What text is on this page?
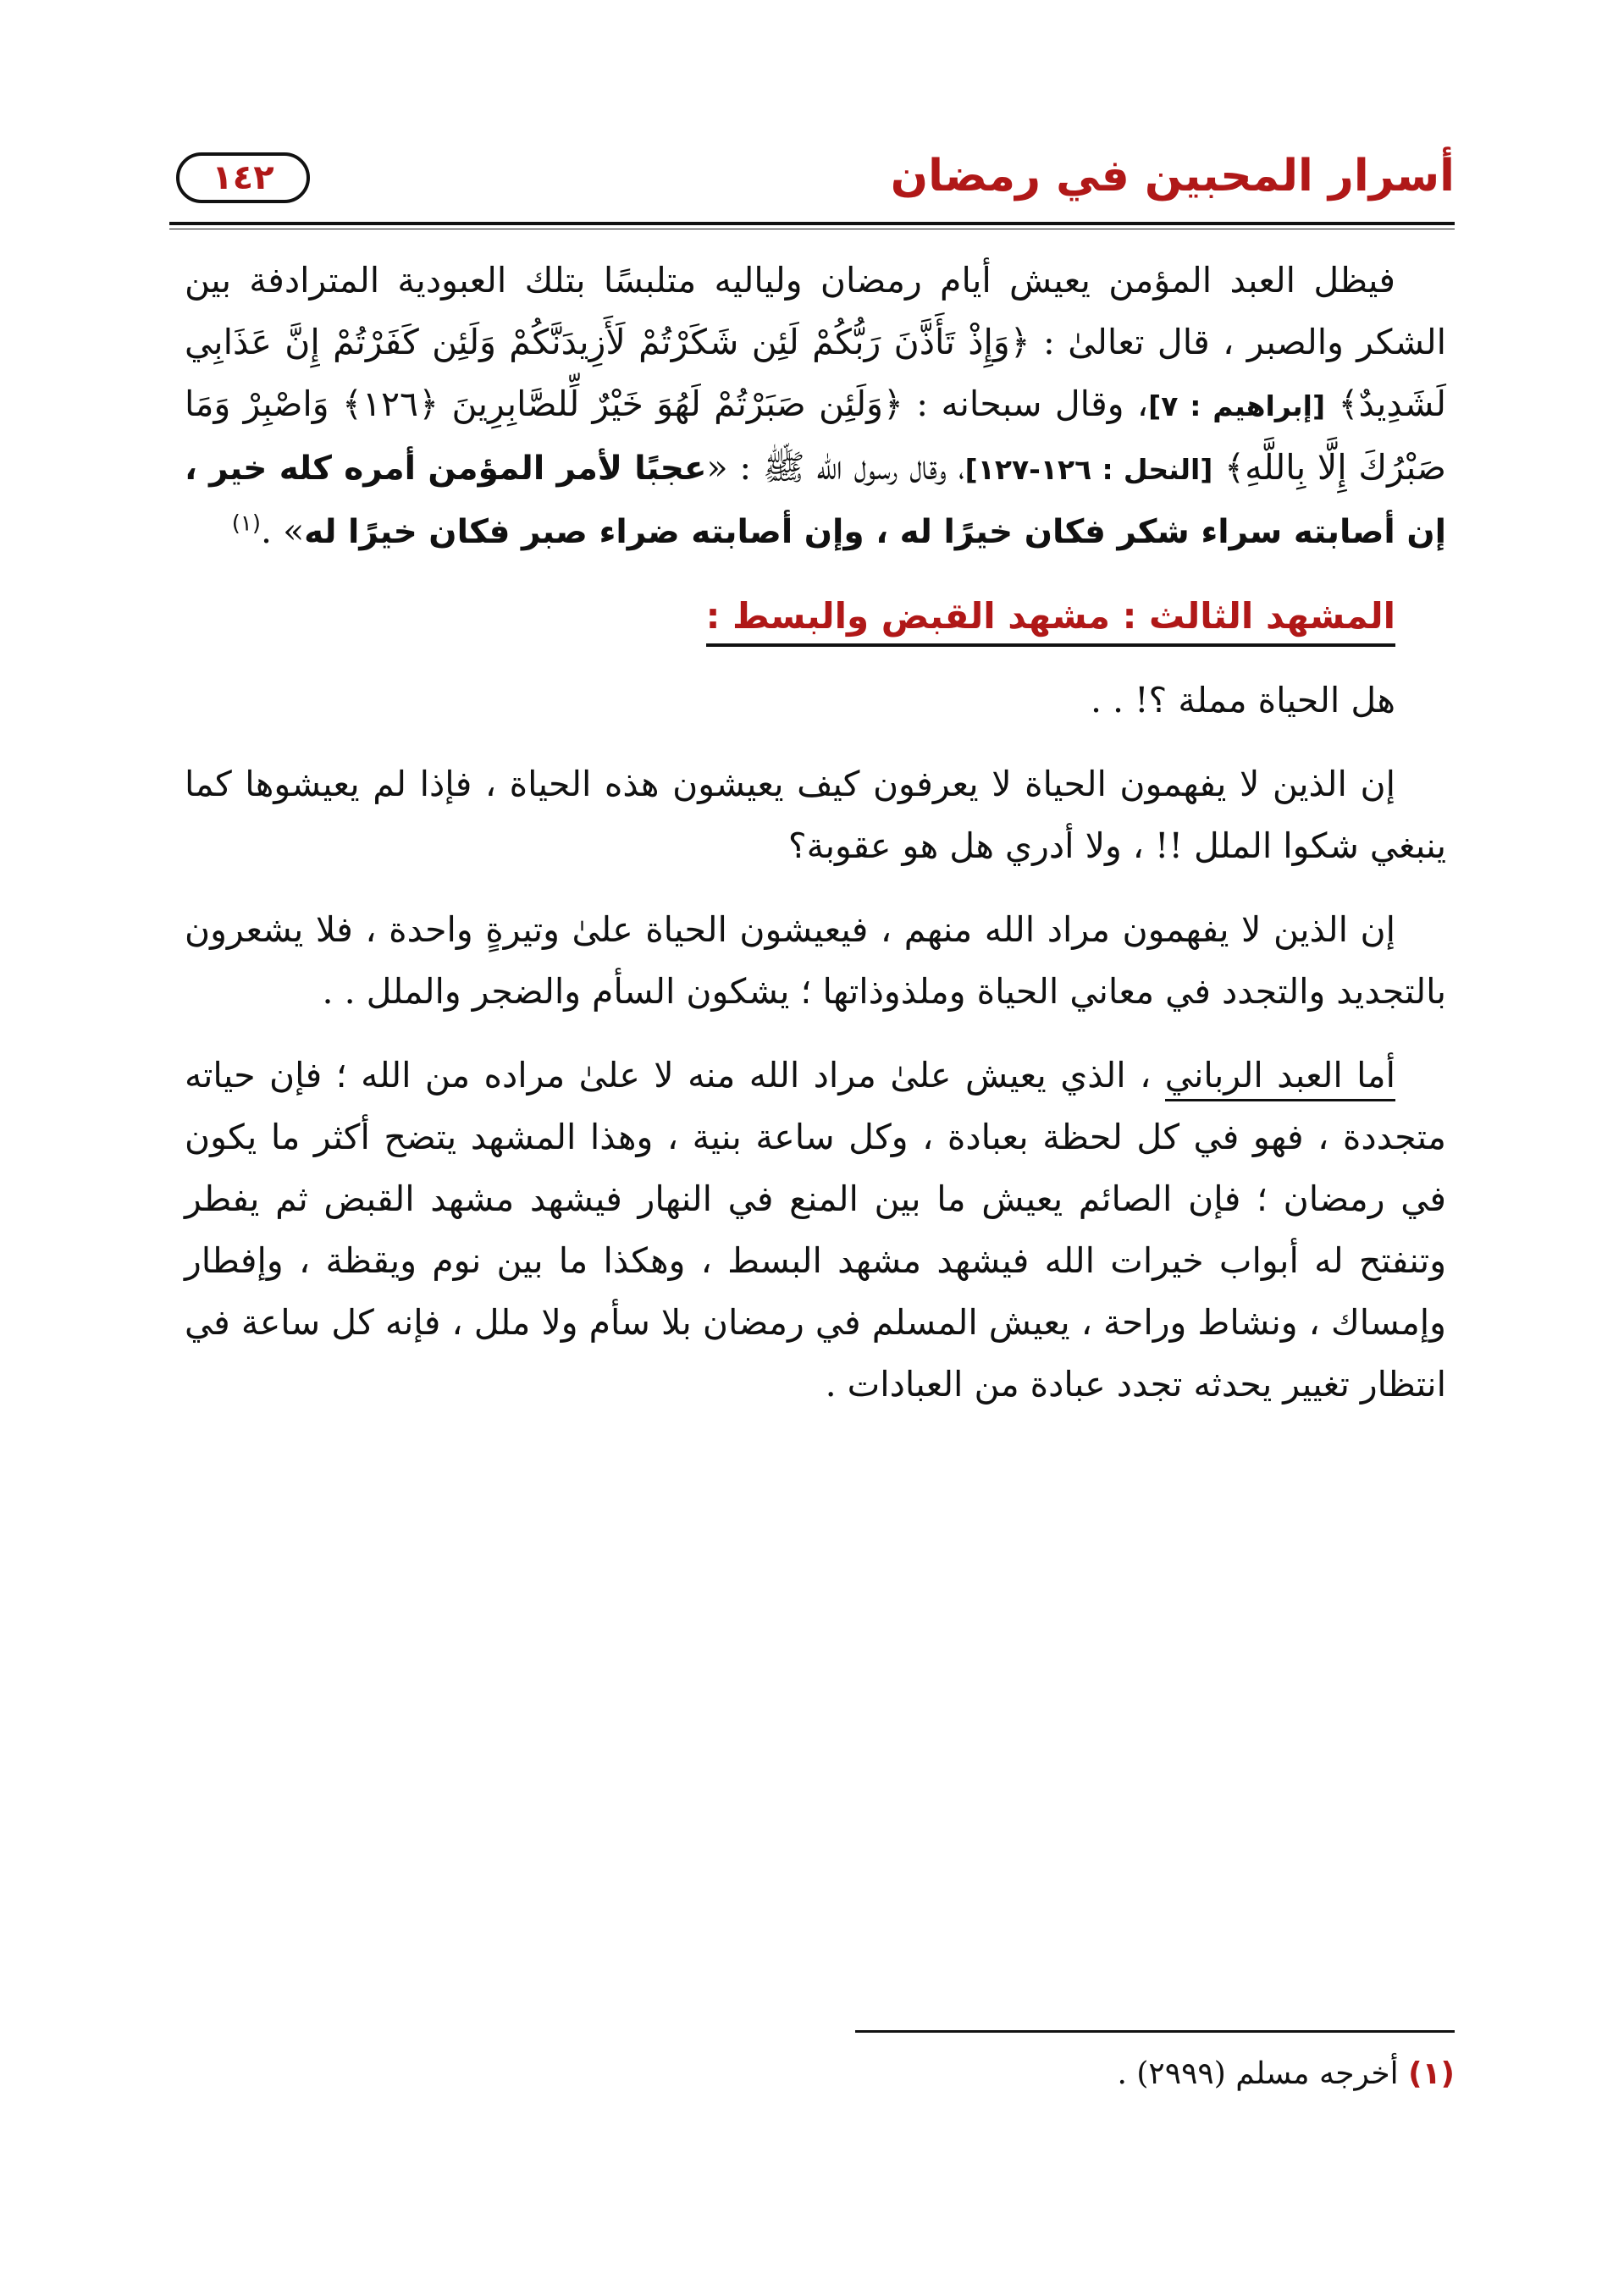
أسرار المحبين في رمضان
١٤٢

فيظل العبد المؤمن يعيش أيام رمضان ولياليه متلبسًا بتلك العبودية المترادفة بين الشكر والصبر ، قال تعالىٰ : ﴿وَإِذْ تَأَذَّنَ رَبُّكُمْ لَئِن شَكَرْتُمْ لَأَزِيدَنَّكُمْ وَلَئِن كَفَرْتُمْ إِنَّ عَذَابِي لَشَدِيدٌ﴾ [إبراهيم : ٧]، وقال سبحانه : ﴿وَلَئِن صَبَرْتُمْ لَهُوَ خَيْرٌ لِّلصَّابِرِينَ ﴿١٢٦﴾ وَاصْبِرْ وَمَا صَبْرُكَ إِلَّا بِاللَّهِ﴾ [النحل : ١٢٦-١٢٧]، وقال رسول الله ﷺ : «عجبًا لأمر المؤمن أمره كله خير ، إن أصابته سراء شكر فكان خيرًا له ، وإن أصابته ضراء صبر فكان خيرًا له» .$^{(١)}$

المشهد الثالث : مشهد القبض والبسط :

هل الحياة مملة ؟! . .

إن الذين لا يفهمون الحياة لا يعرفون كيف يعيشون هذه الحياة ، فإذا لم يعيشوها كما ينبغي شكوا الملل !! ، ولا أدري هل هو عقوبة؟

إن الذين لا يفهمون مراد الله منهم ، فيعيشون الحياة علىٰ وتيرةٍ واحدة ، فلا يشعرون بالتجديد والتجدد في معاني الحياة وملذوذاتها ؛ يشكون السأم والضجر والملل . .

أما العبد الرباني ، الذي يعيش علىٰ مراد الله منه لا علىٰ مراده من الله ؛ فإن حياته متجددة ، فهو في كل لحظة بعبادة ، وكل ساعة بنية ، وهذا المشهد يتضح أكثر ما يكون في رمضان ؛ فإن الصائم يعيش ما بين المنع في النهار فيشهد مشهد القبض ثم يفطر وتنفتح له أبواب خيرات الله فيشهد مشهد البسط ، وهكذا ما بين نوم ويقظة ، وإفطار وإمساك ، ونشاط وراحة ، يعيش المسلم في رمضان بلا سأم ولا ملل ، فإنه كل ساعة في انتظار تغيير يحدثه تجدد عبادة من العبادات .

(١) أخرجه مسلم (٢٩٩٩) .
